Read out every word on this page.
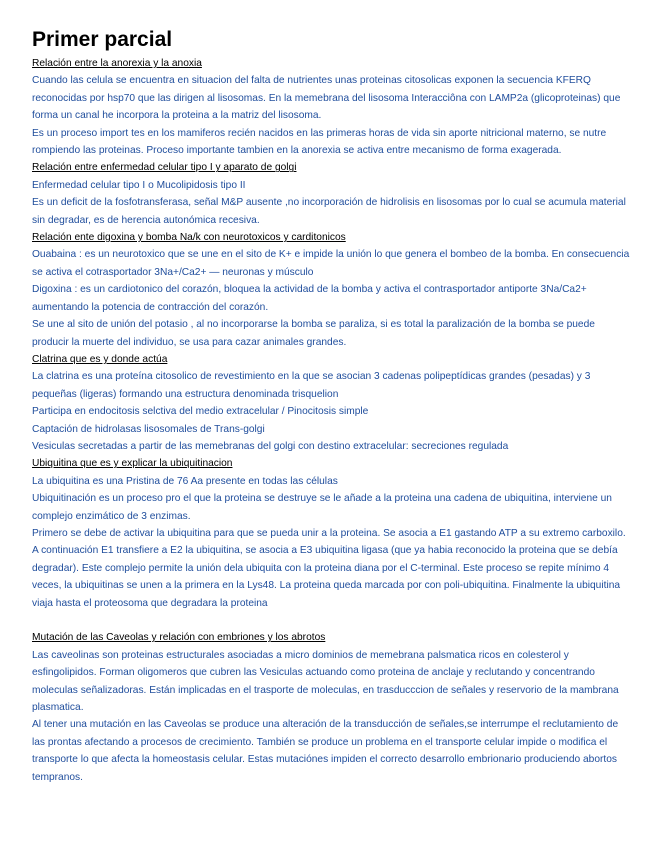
Primer parcial
Relación entre la anorexia y la anoxia

Cuando las celula se encuentra en situacion del falta de nutrientes unas proteinas citosolicas exponen la secuencia KFERQ reconocidas por hsp70 que las dirigen al lisosomas. En la memebrana del lisosoma Interacciôna con LAMP2a (glicoproteinas) que forma un canal he incorpora la proteina a la matriz del lisosoma.

Es un proceso import tes en los mamiferos recién nacidos en las primeras horas de vida sin aporte nitricional materno, se nutre rompiendo las proteinas. Proceso importante tambien en la anorexia se activa entre mecanismo de forma exagerada.

Relación entre enfermedad celular tipo I y aparato de golgi

Enfermedad celular tipo I o Mucolipidosis tipo II

Es un deficit de la fosfotransferasa, señal M&P ausente ,no incorporación de hidrolisis en lisosomas por lo cual se acumula material sin degradar, es de herencia autonómica recesiva.

Relación ente digoxina y bomba Na/k con neurotoxicos y carditonicos

Ouabaina : es un neurotoxico que se une en el sito de K+ e impide la unión lo que genera el bombeo de la bomba. En consecuencia se activa el cotrasportador 3Na+/Ca2+ — neuronas y músculo

Digoxina : es un cardiotonico del corazón, bloquea la actividad de la bomba y activa el contrasportador antiporte 3Na/Ca2+ aumentando la potencia de contracción del corazón.

Se une al sito de unión del potasio , al no incorporarse la bomba se paraliza, si es total la paralización de la bomba se puede producir la muerte del individuo, se usa para cazar animales grandes.

Clatrina que es y donde actúa

La clatrina es una proteína citosolico de revestimiento en la que se asocian 3 cadenas polipeptídicas grandes (pesadas) y 3 pequeñas (ligeras) formando una estructura denominada trisquelion

Participa en endocitosis selctiva del medio extracelular / Pinocitosis simple

Captación de hidrolasas lisosomales de Trans-golgi

Vesiculas secretadas a partir de las memebranas del golgi con destino extracelular: secreciones regulada

Ubiquitina que es y explicar la ubiquitinacion

La ubiquitina es una Pristina de 76 Aa presente en todas las células

Ubiquitinación es un proceso pro el que la proteina se destruye se le añade a la proteina una cadena de ubiquitina, interviene un complejo enzimático de 3 enzimas.

Primero se debe de activar la ubiquitina para que se pueda unir a la proteina. Se asocia a E1 gastando ATP a su extremo carboxilo. A continuación E1 transfiere a E2 la ubiquitina, se asocia a E3 ubiquitina ligasa (que ya habia reconocido la proteina que se debía degradar). Este complejo permite la unión dela ubiquita con la proteina diana por el C-terminal. Este proceso se repite mínimo 4 veces, la ubiquitinas se unen a la primera en la Lys48. La proteina queda marcada por con poli-ubiquitina. Finalmente la ubiquitina viaja hasta el proteosoma que degradara la proteina

Mutación de las Caveolas y relación con embriones y los abrotos

Las caveolinas son proteinas estructurales asociadas a micro dominios de memebrana palsmatica ricos en colesterol y esfingolipidos. Forman oligomeros que cubren las Vesiculas actuando como proteina de anclaje y reclutando y concentrando moleculas señalizadoras. Están implicadas en el trasporte de moleculas, en trasducccion de señales y reservorio de la mambrana plasmatica.

Al tener una mutación en las Caveolas se produce una alteración de la transducción de señales,se interrumpe el reclutamiento de las prontas afectando a procesos de crecimiento. También se produce un problema en el transporte celular impide o modifica el transporte lo que afecta la homeostasis celular. Estas mutaciónes impiden el correcto desarrollo embrionario produciendo abortos tempranos.
